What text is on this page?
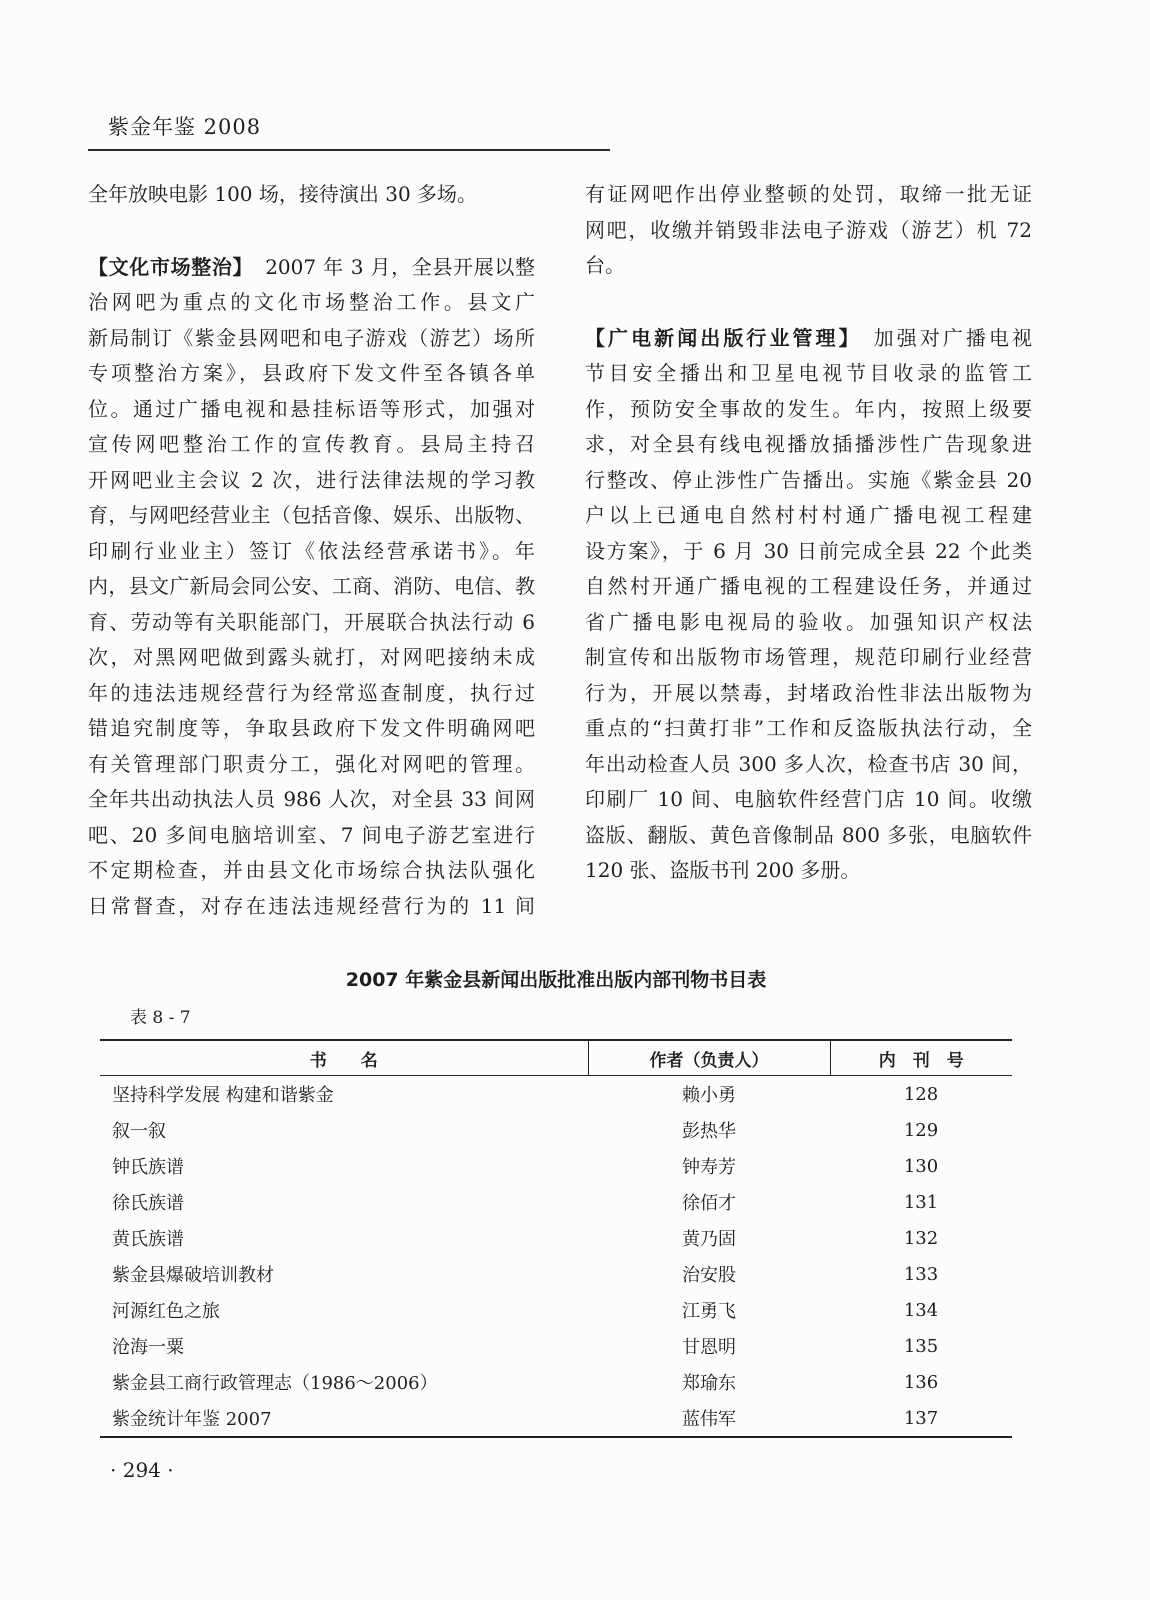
紫金年鉴 2008
全年放映电影 100 场，接待演出 30 多场。
【文化市场整治】 2007 年 3 月，全县开展以整
治网吧为重点的文化市场整治工作。县文广
新局制订《紫金县网吧和电子游戏（游艺）场所
专项整治方案》，县政府下发文件至各镇各单
位。通过广播电视和悬挂标语等形式，加强对
宣传网吧整治工作的宣传教育。县局主持召
开网吧业主会议 2 次，进行法律法规的学习教
育，与网吧经营业主（包括音像、娱乐、出版物、
印刷行业业主）签订《依法经营承诺书》。年
内，县文广新局会同公安、工商、消防、电信、教
育、劳动等有关职能部门，开展联合执法行动 6
次，对黑网吧做到露头就打，对网吧接纳未成
年的违法违规经营行为经常巡查制度，执行过
错追究制度等，争取县政府下发文件明确网吧
有关管理部门职责分工，强化对网吧的管理。
全年共出动执法人员 986 人次，对全县 33 间网
吧、20 多间电脑培训室、7 间电子游艺室进行
不定期检查，并由县文化市场综合执法队强化
日常督查，对存在违法违规经营行为的 11 间
有证网吧作出停业整顿的处罚，取缔一批无证
网吧，收缴并销毁非法电子游戏（游艺）机 72
台。
【广电新闻出版行业管理】 加强对广播电视
节目安全播出和卫星电视节目收录的监管工
作，预防安全事故的发生。年内，按照上级要
求，对全县有线电视播放插播涉性广告现象进
行整改、停止涉性广告播出。实施《紫金县 20
户以上已通电自然村村村通广播电视工程建
设方案》，于 6 月 30 日前完成全县 22 个此类
自然村开通广播电视的工程建设任务，并通过
省广播电影电视局的验收。加强知识产权法
制宣传和出版物市场管理，规范印刷行业经营
行为，开展以禁毒，封堵政治性非法出版物为
重点的“扫黄打非”工作和反盗版执法行动，全
年出动检查人员 300 多人次，检查书店 30 间，
印刷厂 10 间、电脑软件经营门店 10 间。收缴
盗版、翻版、黄色音像制品 800 多张，电脑软件
120 张、盗版书刊 200 多册。
2007 年紫金县新闻出版批准出版内部刊物书目表
表 8 - 7
书　　名	作者（负责人）	内　刊　号
坚持科学发展 构建和谐紫金	赖小勇	128
叙一叙	彭热华	129
钟氏族谱	钟寿芳	130
徐氏族谱	徐佰才	131
黄氏族谱	黄乃固	132
紫金县爆破培训教材	治安股	133
河源红色之旅	江勇飞	134
沧海一粟	甘恩明	135
紫金县工商行政管理志（1986～2006）	郑瑜东	136
紫金统计年鉴 2007	蓝伟军	137
· 294 ·
